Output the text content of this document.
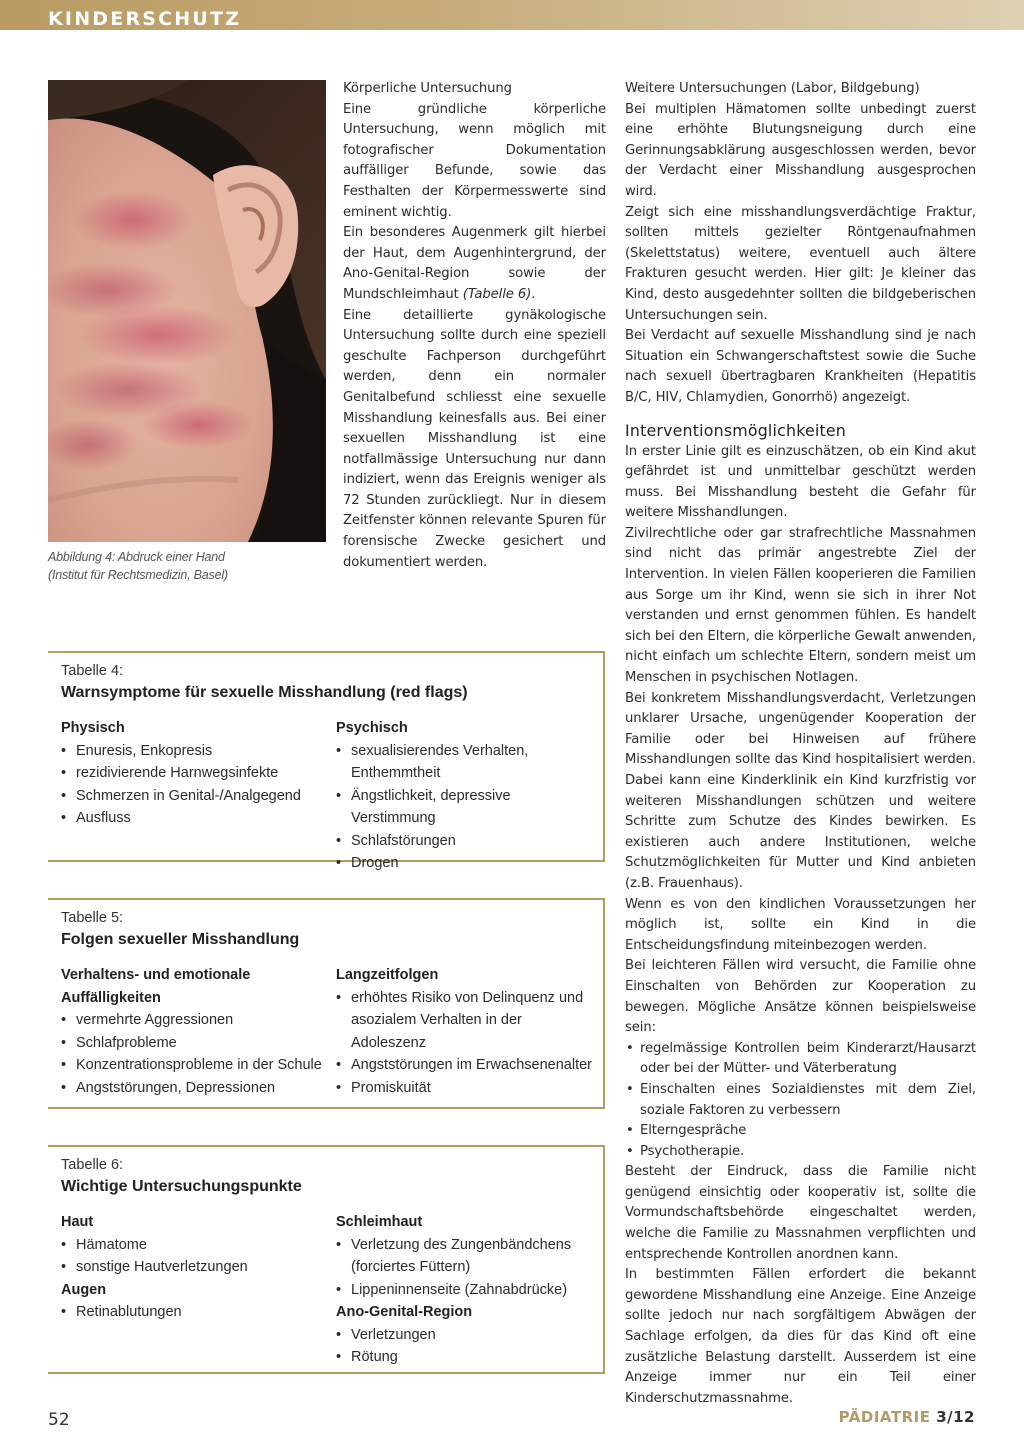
KINDERSCHUTZ
Abbildung 4: Abdruck einer Hand
(Institut für Rechtsmedizin, Basel)

Körperliche Untersuchung

Eine gründliche körperliche Untersuchung, wenn möglich mit fotografischer Dokumentation auffälliger Befunde, sowie das Festhalten der Körpermesswerte sind eminent wichtig.

Ein besonderes Augenmerk gilt hierbei der Haut, dem Augenhintergrund, der Ano-Genital-Region sowie der Mundschleimhaut (Tabelle 6).

Eine detaillierte gynäkologische Untersuchung sollte durch eine speziell geschulte Fachperson durchgeführt werden, denn ein normaler Genitalbefund schliesst eine sexuelle Misshandlung keinesfalls aus. Bei einer sexuellen Misshandlung ist eine notfallmässige Untersuchung nur dann indiziert, wenn das Ereignis weniger als 72 Stunden zurückliegt. Nur in diesem Zeitfenster können relevante Spuren für forensische Zwecke gesichert und dokumentiert werden.

Weitere Untersuchungen (Labor, Bildgebung)

Bei multiplen Hämatomen sollte unbedingt zuerst eine erhöhte Blutungsneigung durch eine Gerinnungsabklärung ausgeschlossen werden, bevor der Verdacht einer Misshandlung ausgesprochen wird.

Zeigt sich eine misshandlungsverdächtige Fraktur, sollten mittels gezielter Röntgenaufnahmen (Skelettstatus) weitere, eventuell auch ältere Frakturen gesucht werden. Hier gilt: Je kleiner das Kind, desto ausgedehnter sollten die bildgeberischen Untersuchungen sein.

Bei Verdacht auf sexuelle Misshandlung sind je nach Situation ein Schwangerschaftstest sowie die Suche nach sexuell übertragbaren Krankheiten (Hepatitis B/C, HIV, Chlamydien, Gonorrhö) angezeigt.

Interventionsmöglichkeiten

In erster Linie gilt es einzuschätzen, ob ein Kind akut gefährdet ist und unmittelbar geschützt werden muss. Bei Misshandlung besteht die Gefahr für weitere Misshandlungen.

Zivilrechtliche oder gar strafrechtliche Massnahmen sind nicht das primär angestrebte Ziel der Intervention. In vielen Fällen kooperieren die Familien aus Sorge um ihr Kind, wenn sie sich in ihrer Not verstanden und ernst genommen fühlen. Es handelt sich bei den Eltern, die körperliche Gewalt anwenden, nicht einfach um schlechte Eltern, sondern meist um Menschen in psychischen Notlagen.

Bei konkretem Misshandlungsverdacht, Verletzungen unklarer Ursache, ungenügender Kooperation der Familie oder bei Hinweisen auf frühere Misshandlungen sollte das Kind hospitalisiert werden. Dabei kann eine Kinderklinik ein Kind kurzfristig vor weiteren Misshandlungen schützen und weitere Schritte zum Schutze des Kindes bewirken. Es existieren auch andere Institutionen, welche Schutzmöglichkeiten für Mutter und Kind anbieten (z.B. Frauenhaus).

Wenn es von den kindlichen Voraussetzungen her möglich ist, sollte ein Kind in die Entscheidungsfindung miteinbezogen werden.

Bei leichteren Fällen wird versucht, die Familie ohne Einschalten von Behörden zur Kooperation zu bewegen. Mögliche Ansätze können beispielsweise sein:

• regelmässige Kontrollen beim Kinderarzt/Hausarzt oder bei der Mütter- und Väterberatung
• Einschalten eines Sozialdienstes mit dem Ziel, soziale Faktoren zu verbessern
• Elterngespräche
• Psychotherapie.

Besteht der Eindruck, dass die Familie nicht genügend einsichtig oder kooperativ ist, sollte die Vormundschaftsbehörde eingeschaltet werden, welche die Familie zu Massnahmen verpflichten und entsprechende Kontrollen anordnen kann.

In bestimmten Fällen erfordert die bekannt gewordene Misshandlung eine Anzeige. Eine Anzeige sollte jedoch nur nach sorgfältigem Abwägen der Sachlage erfolgen, da dies für das Kind oft eine zusätzliche Belastung darstellt. Ausserdem ist eine Anzeige immer nur ein Teil einer Kinderschutzmassnahme.

Tabelle 4:
Warnsymptome für sexuelle Misshandlung (red flags)
Physisch
• Enuresis, Enkopresis
• rezidivierende Harnwegsinfekte
• Schmerzen in Genital-/Analgegend
• Ausfluss
Psychisch
• sexualisierendes Verhalten, Enthemmtheit
• Ängstlichkeit, depressive Verstimmung
• Schlafstörungen
• Drogen
Tabelle 5:
Folgen sexueller Misshandlung
Verhaltens- und emotionale Auffälligkeiten
• vermehrte Aggressionen
• Schlafprobleme
• Konzentrationsprobleme in der Schule
• Angststörungen, Depressionen
Langzeitfolgen
• erhöhtes Risiko von Delinquenz und asozialem Verhalten in der Adoleszenz
• Angststörungen im Erwachsenenalter
• Promiskuität
Tabelle 6:
Wichtige Untersuchungspunkte
Haut
• Hämatome
• sonstige Hautverletzungen
Augen
• Retinablutungen
Schleimhaut
• Verletzung des Zungenbändchens (forciertes Füttern)
• Lippeninnenseite (Zahnabdrücke)
Ano-Genital-Region
• Verletzungen
• Rötung
52	PÄDIATRIE 3/12
